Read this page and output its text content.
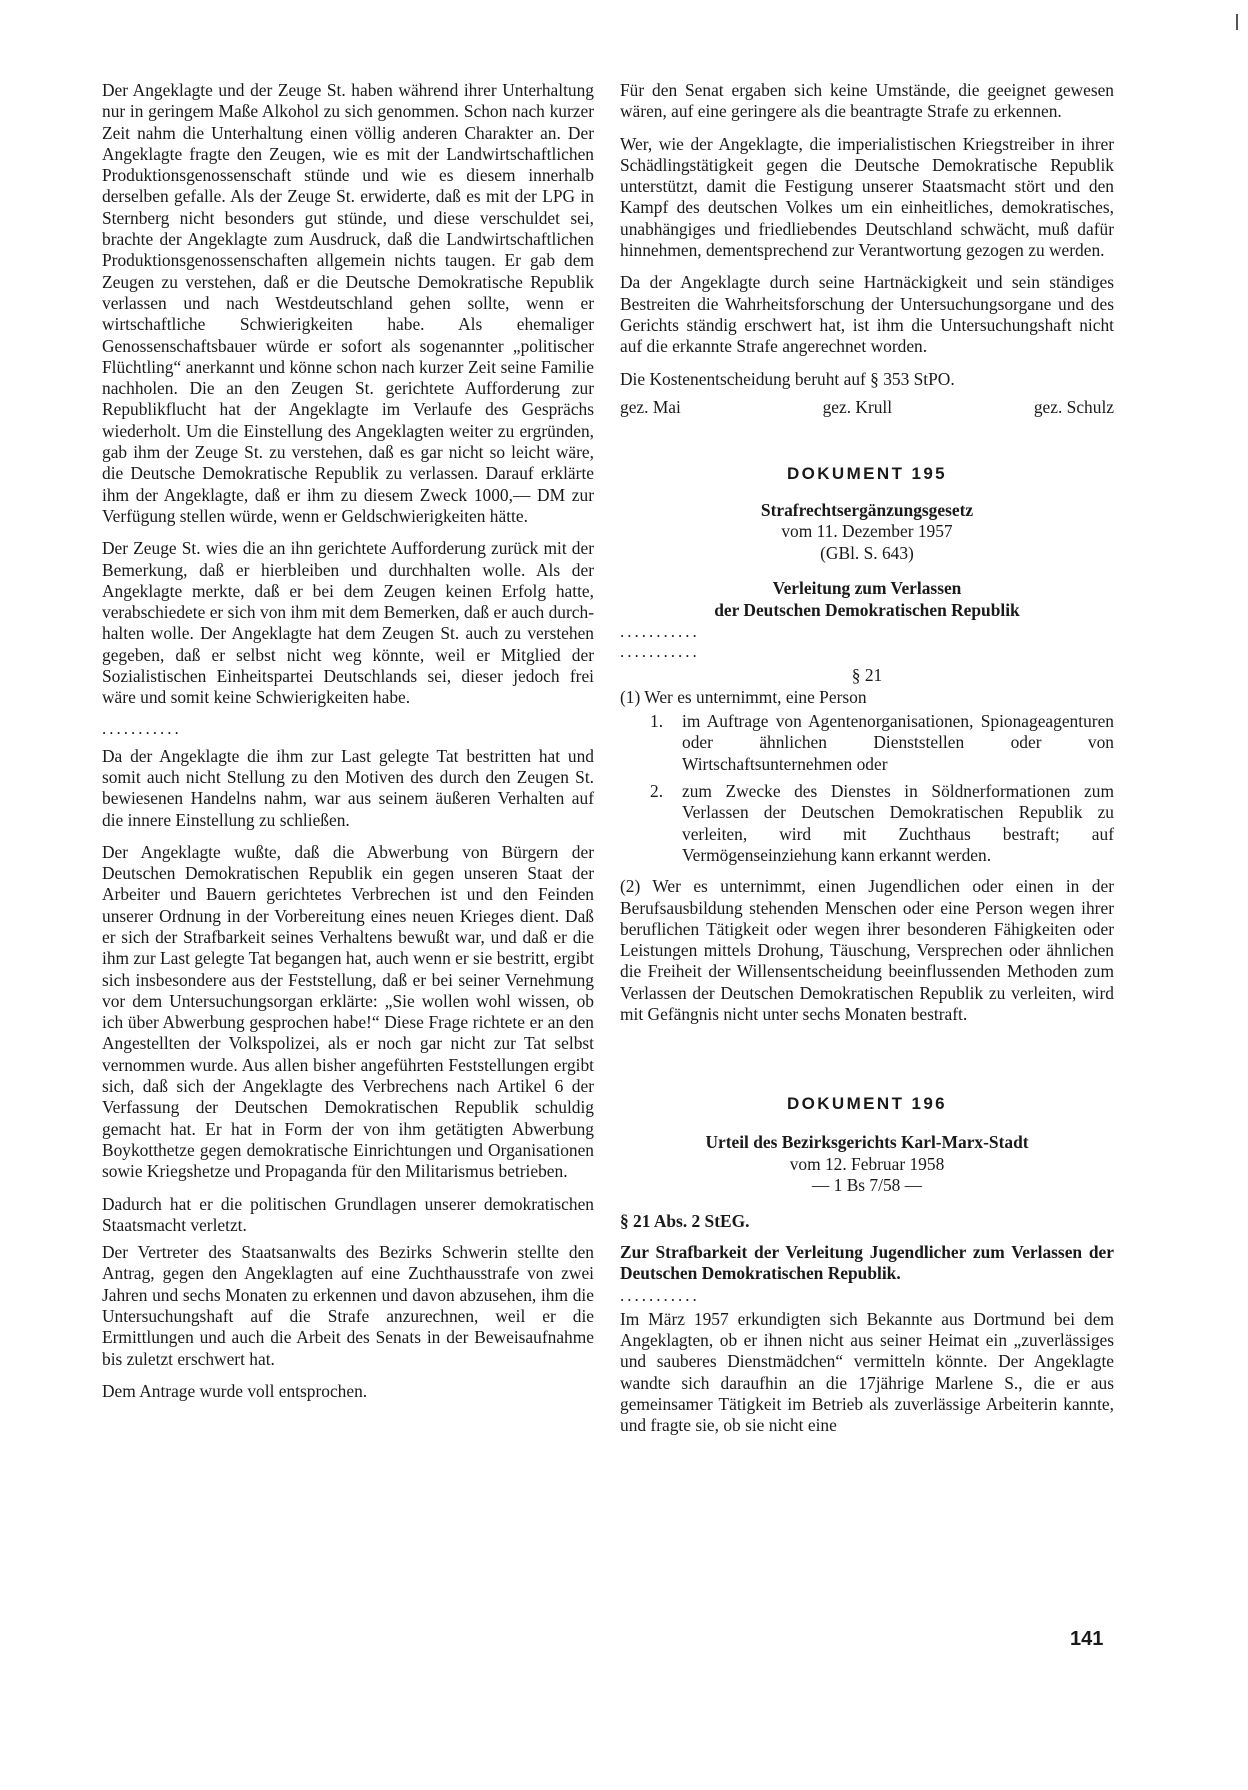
Der Angeklagte und der Zeuge St. haben während ihrer Unterhaltung nur in geringem Maße Alkohol zu sich genommen. Schon nach kurzer Zeit nahm die Unterhaltung einen völlig anderen Charakter an. Der Angeklagte fragte den Zeugen, wie es mit der Landwirtschaftlichen Produktionsgenossenschaft stünde und wie es diesem innerhalb derselben gefalle. Als der Zeuge St. erwiderte, daß es mit der LPG in Sternberg nicht besonders gut stünde, und diese verschuldet sei, brachte der Angeklagte zum Ausdruck, daß die Landwirtschaftlichen Produktionsgenossenschaften allgemein nichts taugen. Er gab dem Zeugen zu verstehen, daß er die Deutsche Demokratische Republik verlassen und nach Westdeutschland gehen sollte, wenn er wirtschaftliche Schwierigkeiten habe. Als ehemaliger Genossenschaftsbauer würde er sofort als sogenannter „politischer Flüchtling“ anerkannt und könne schon nach kurzer Zeit seine Familie nachholen. Die an den Zeugen St. gerichtete Aufforderung zur Republikflucht hat der Angeklagte im Verlaufe des Gesprächs wiederholt. Um die Einstellung des Angeklagten weiter zu ergründen, gab ihm der Zeuge St. zu verstehen, daß es gar nicht so leicht wäre, die Deutsche Demokratische Republik zu verlassen. Darauf erklärte ihm der Angeklagte, daß er ihm zu diesem Zweck 1000,— DM zur Verfügung stellen würde, wenn er Geldschwierigkeiten hätte.

Der Zeuge St. wies die an ihn gerichtete Aufforderung zurück mit der Bemerkung, daß er hierbleiben und durchhalten wolle. Als der Angeklagte merkte, daß er bei dem Zeugen keinen Erfolg hatte, verabschiedete er sich von ihm mit dem Bemerken, daß er auch durchhalten wolle. Der Angeklagte hat dem Zeugen St. auch zu verstehen gegeben, daß er selbst nicht weg könnte, weil er Mitglied der Sozialistischen Einheitspartei Deutschlands sei, dieser jedoch frei wäre und somit keine Schwierigkeiten habe.

...........

Da der Angeklagte die ihm zur Last gelegte Tat bestritten hat und somit auch nicht Stellung zu den Motiven des durch den Zeugen St. bewiesenen Handelns nahm, war aus seinem äußeren Verhalten auf die innere Einstellung zu schließen.

Der Angeklagte wußte, daß die Abwerbung von Bürgern der Deutschen Demokratischen Republik ein gegen unseren Staat der Arbeiter und Bauern gerichtetes Verbrechen ist und den Feinden unserer Ordnung in der Vorbereitung eines neuen Krieges dient. Daß er sich der Strafbarkeit seines Verhaltens bewußt war, und daß er die ihm zur Last gelegte Tat begangen hat, auch wenn er sie bestritt, ergibt sich insbesondere aus der Feststellung, daß er bei seiner Vernehmung vor dem Untersuchungsorgan erklärte: „Sie wollen wohl wissen, ob ich über Abwerbung gesprochen habe!“ Diese Frage richtete er an den Angestellten der Volkspolizei, als er noch gar nicht zur Tat selbst vernommen wurde. Aus allen bisher angeführten Feststellungen ergibt sich, daß sich der Angeklagte des Verbrechens nach Artikel 6 der Verfassung der Deutschen Demokratischen Republik schuldig gemacht hat. Er hat in Form der von ihm getätigten Abwerbung Boykotthetze gegen demokratische Einrichtungen und Organisationen sowie Kriegshetze und Propaganda für den Militarismus betrieben.

Dadurch hat er die politischen Grundlagen unserer demokratischen Staatsmacht verletzt.

Der Vertreter des Staatsanwalts des Bezirks Schwerin stellte den Antrag, gegen den Angeklagten auf eine Zuchthausstrafe von zwei Jahren und sechs Monaten zu erkennen und davon abzusehen, ihm die Untersuchungshaft auf die Strafe anzurechnen, weil er die Ermittlungen und auch die Arbeit des Senats in der Beweisaufnahme bis zuletzt erschwert hat.

Dem Antrage wurde voll entsprochen.

Für den Senat ergaben sich keine Umstände, die geeignet gewesen wären, auf eine geringere als die beantragte Strafe zu erkennen.

Wer, wie der Angeklagte, die imperialistischen Kriegstreiber in ihrer Schädlingstätigkeit gegen die Deutsche Demokratische Republik unterstützt, damit die Festigung unserer Staatsmacht stört und den Kampf des deutschen Volkes um ein einheitliches, demokratisches, unabhängiges und friedliebendes Deutschland schwächt, muß dafür hinnehmen, dementsprechend zur Verantwortung gezogen zu werden.

Da der Angeklagte durch seine Hartnäckigkeit und sein ständiges Bestreiten die Wahrheitsforschung der Untersuchungsorgane und des Gerichts ständig erschwert hat, ist ihm die Untersuchungshaft nicht auf die erkannte Strafe angerechnet worden.

Die Kostenentscheidung beruht auf § 353 StPO.

gez. Mai	gez. Krull	gez. Schulz

DOKUMENT 195

Strafrechtsergänzungsgesetz

vom 11. Dezember 1957

(GBl. S. 643)

Verleitung zum Verlassen

der Deutschen Demokratischen Republik

...........
...........

§ 21

(1) Wer es unternimmt, eine Person

1.	im Auftrage von Agentenorganisationen, Spionageagenturen oder ähnlichen Dienststellen oder von Wirtschaftsunternehmen oder
2.	zum Zwecke des Dienstes in Söldnerformationen zum Verlassen der Deutschen Demokratischen Republik zu verleiten, wird mit Zuchthaus bestraft; auf Vermögenseinziehung kann erkannt werden.

(2) Wer es unternimmt, einen Jugendlichen oder einen in der Berufsausbildung stehenden Menschen oder eine Person wegen ihrer beruflichen Tätigkeit oder wegen ihrer besonderen Fähigkeiten oder Leistungen mittels Drohung, Täuschung, Versprechen oder ähnlichen die Freiheit der Willensentscheidung beeinflussenden Methoden zum Verlassen der Deutschen Demokratischen Republik zu verleiten, wird mit Gefängnis nicht unter sechs Monaten bestraft.

DOKUMENT 196

Urteil des Bezirksgerichts Karl-Marx-Stadt

vom 12. Februar 1958

— 1 Bs 7/58 —

§ 21 Abs. 2 StEG.

Zur Strafbarkeit der Verleitung Jugendlicher zum Verlassen der Deutschen Demokratischen Republik.

...........

Im März 1957 erkundigten sich Bekannte aus Dortmund bei dem Angeklagten, ob er ihnen nicht aus seiner Heimat ein „zuverlässiges und sauberes Dienstmädchen“ vermitteln könnte. Der Angeklagte wandte sich daraufhin an die 17jährige Marlene S., die er aus gemeinsamer Tätigkeit im Betrieb als zuverlässige Arbeiterin kannte, und fragte sie, ob sie nicht eine

141
